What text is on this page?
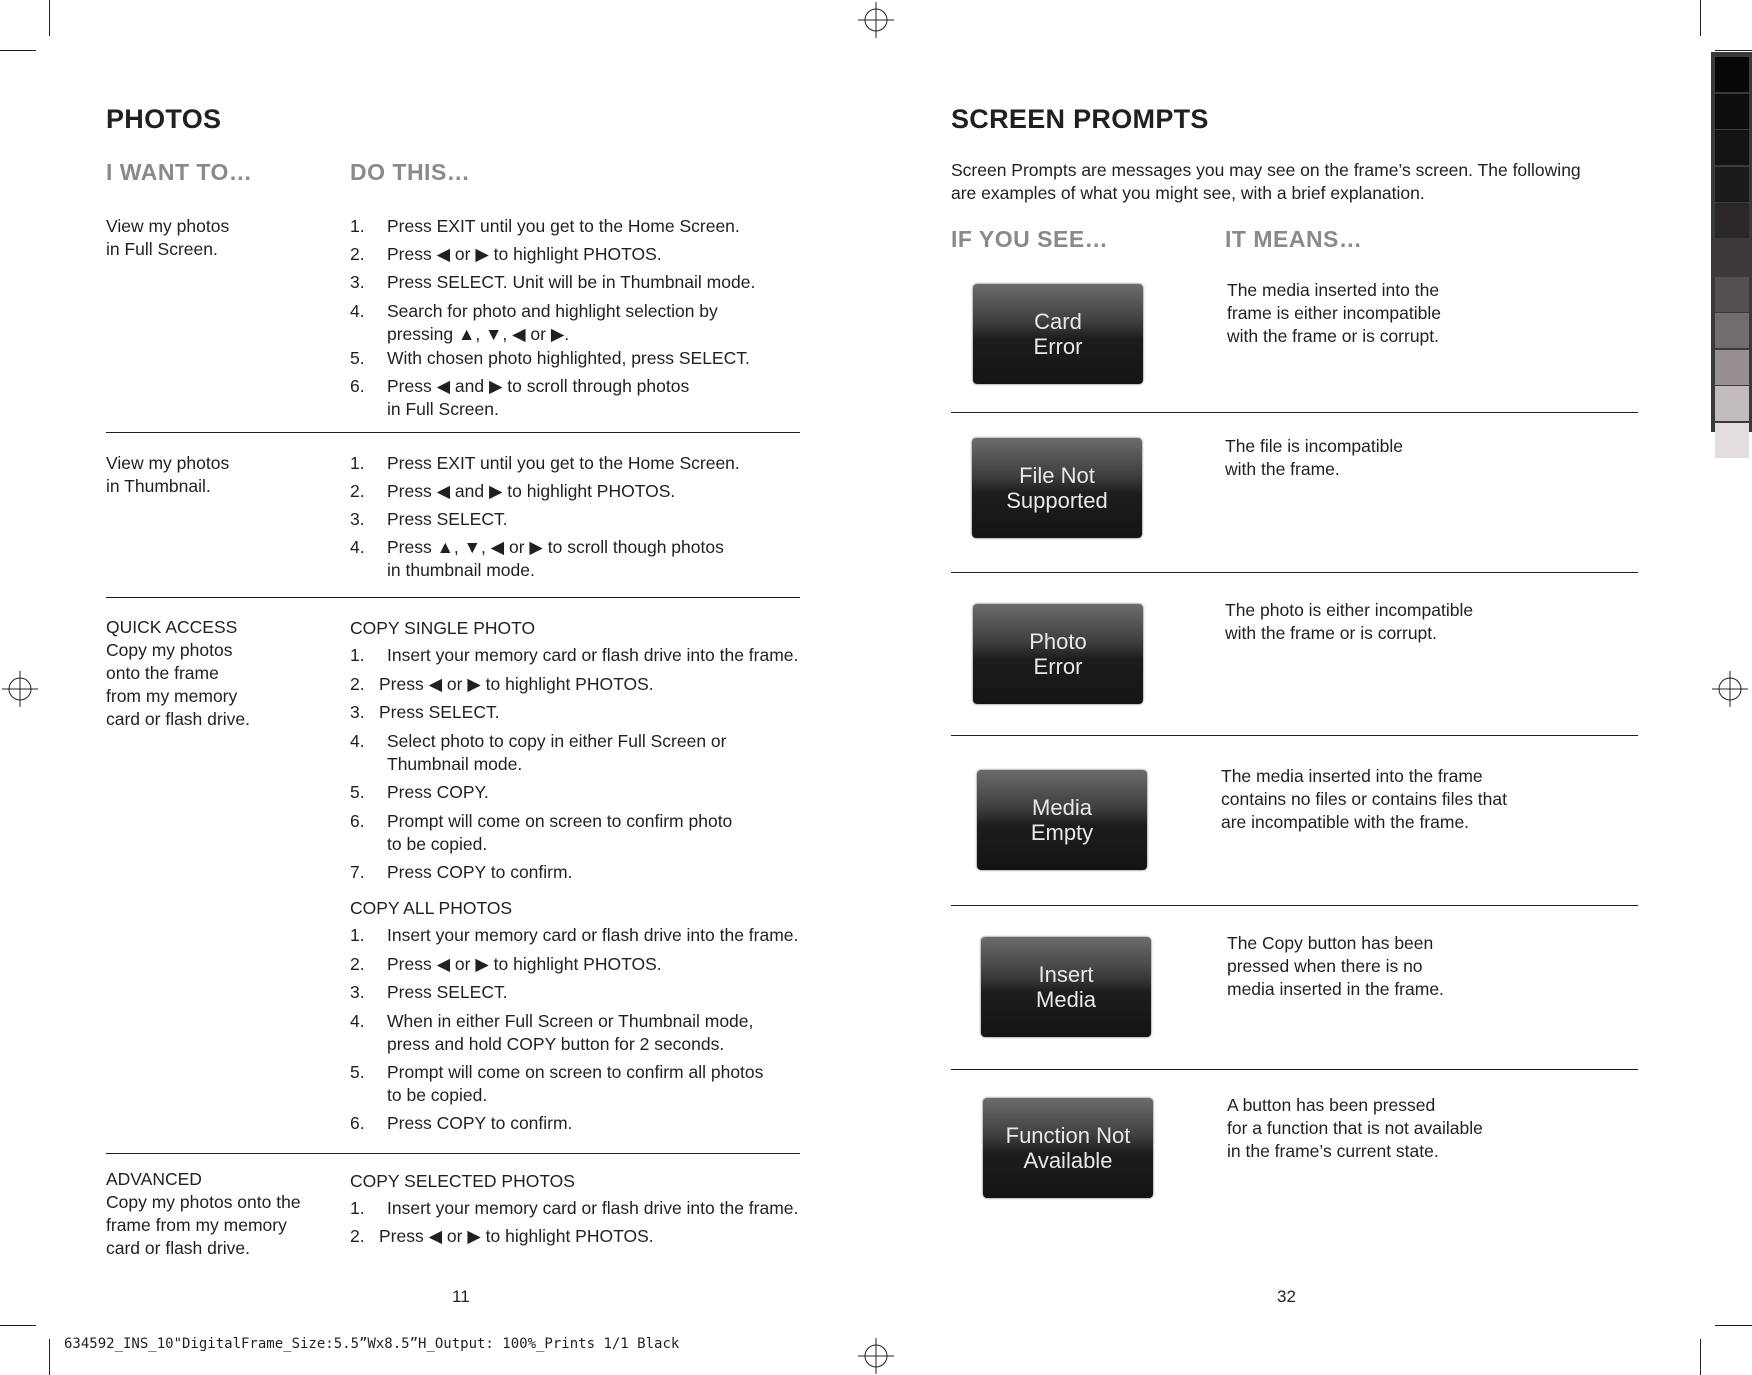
PHOTOS
I WANT TO…	DO THIS…
View my photos
in Full Screen.
1. Press EXIT until you get to the Home Screen.
2. Press ◀ or ▶ to highlight PHOTOS.
3. Press SELECT. Unit will be in Thumbnail mode.
4. Search for photo and highlight selection by
pressing ▲, ▼, ◀ or ▶.
5. With chosen photo highlighted, press SELECT.
6. Press ◀ and ▶ to scroll through photos
in Full Screen.
View my photos
in Thumbnail.
1. Press EXIT until you get to the Home Screen.
2. Press ◀ and ▶ to highlight PHOTOS.
3. Press SELECT.
4. Press ▲, ▼, ◀ or ▶ to scroll though photos
in thumbnail mode.
QUICK ACCESS
Copy my photos
onto the frame
from my memory
card or flash drive.
COPY SINGLE PHOTO
1. Insert your memory card or flash drive into the frame.
2. Press ◀ or ▶ to highlight PHOTOS.
3. Press SELECT.
4. Select photo to copy in either Full Screen or
Thumbnail mode.
5. Press COPY.
6. Prompt will come on screen to confirm photo
to be copied.
7. Press COPY to confirm.
COPY ALL PHOTOS
1. Insert your memory card or flash drive into the frame.
2. Press ◀ or ▶ to highlight PHOTOS.
3. Press SELECT.
4. When in either Full Screen or Thumbnail mode,
press and hold COPY button for 2 seconds.
5. Prompt will come on screen to confirm all photos
to be copied.
6. Press COPY to confirm.
ADVANCED
Copy my photos onto the
frame from my memory
card or flash drive.
COPY SELECTED PHOTOS
1. Insert your memory card or flash drive into the frame.
2. Press ◀ or ▶ to highlight PHOTOS.
11
SCREEN PROMPTS
Screen Prompts are messages you may see on the frame’s screen. The following
are examples of what you might see, with a brief explanation.
IF YOU SEE…	IT MEANS…
Card
Error
The media inserted into the
frame is either incompatible
with the frame or is corrupt.
File Not
Supported
The file is incompatible
with the frame.
Photo
Error
The photo is either incompatible
with the frame or is corrupt.
Media
Empty
The media inserted into the frame
contains no files or contains files that
are incompatible with the frame.
Insert
Media
The Copy button has been
pressed when there is no
media inserted in the frame.
Function Not
Available
A button has been pressed
for a function that is not available
in the frame’s current state.
32
634592_INS_10"DigitalFrame_Size:5.5”Wx8.5”H_Output: 100%_Prints 1/1 Black
